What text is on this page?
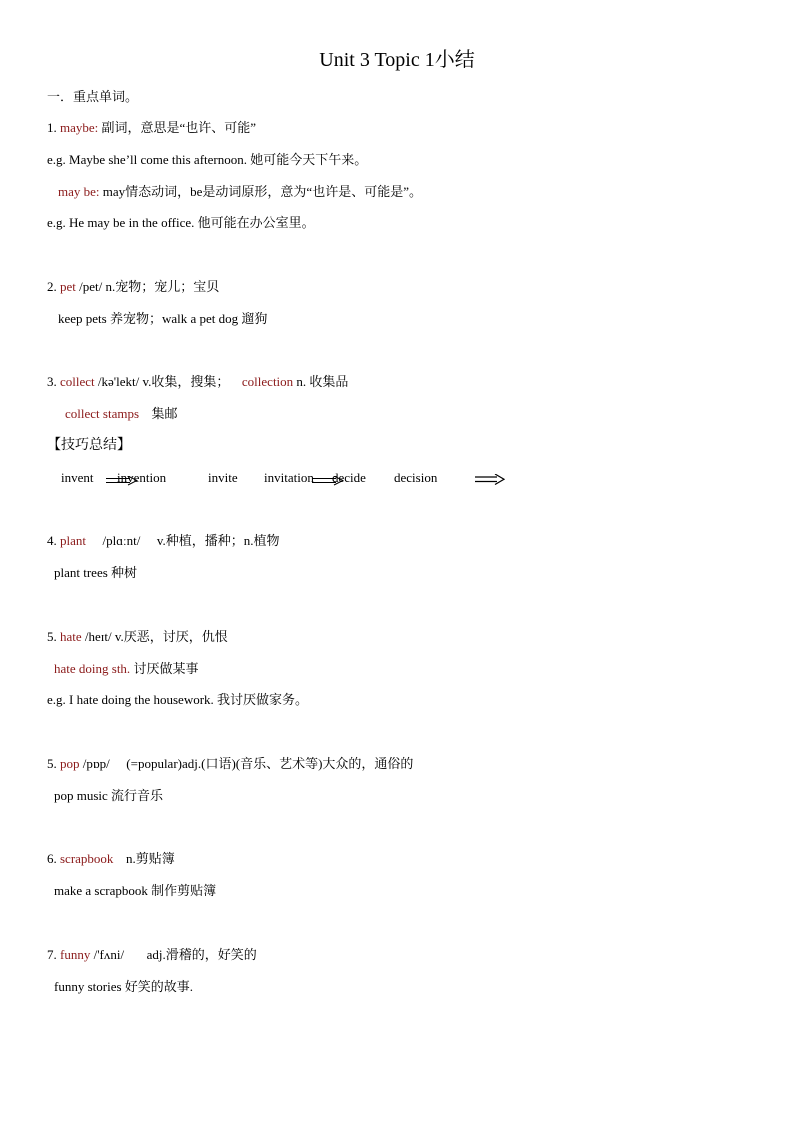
Unit 3 Topic 1小结
一．重点单词。
1. maybe: 副词，意思是“也许、可能”
e.g. Maybe she’ll come this afternoon. 她可能今天下午来。
may be: may情态动词，be是动词原形，意为“也许是、可能是”。
e.g. He may be in the office. 他可能在办公室里。
2. pet /pet/ n.宠物；宠儿；宝贝
keep pets 养宠物；walk a pet dog 遛狗
3. collect /kə'lekt/ v.收集，搜集； collection n. 收集品
collect stamps 集邮
【技巧总结】
invent invention	invite invitation decide decision
4. plant /plɑːnt/ v.种植，播种；n.植物
plant trees 种树
5. hate /heɪt/ v.厌恶，讨厌，仇恨
hate doing sth. 讨厌做某事
e.g. I hate doing the housework. 我讨厌做家务。
5. pop /pɒp/ (=popular)adj.(口语)(音乐、艺术等)大众的，通俗的
pop music 流行音乐
6. scrapbook n.剪贴簿
make a scrapbook 制作剪贴簿
7. funny /'fʌni/ adj.滑稽的，好笑的
funny stories 好笑的故事.
